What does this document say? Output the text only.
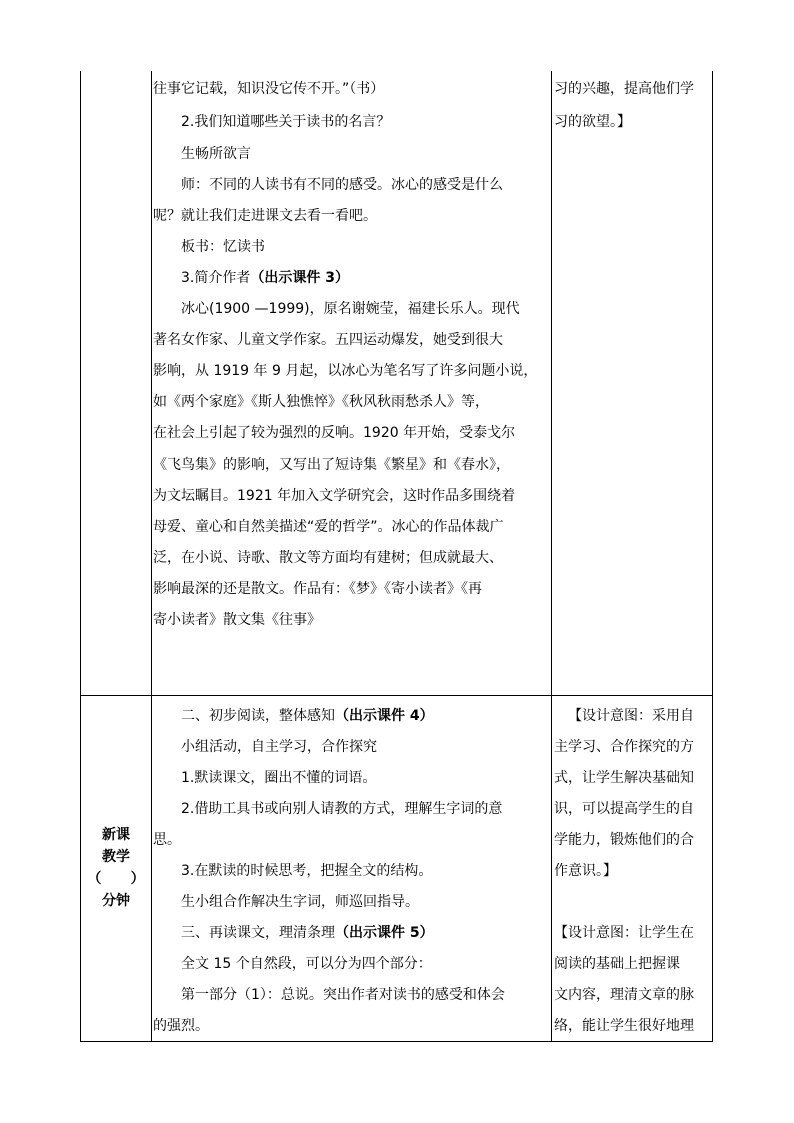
往事它记载，知识没它传不开。”（书）
2.我们知道哪些关于读书的名言？
生畅所欲言
师：不同的人读书有不同的感受。冰心的感受是什么
呢？就让我们走进课文去看一看吧。
板书：忆读书
3.简介作者（出示课件 3）
冰心(1900 —1999)，原名谢婉莹，福建长乐人。现代
著名女作家、儿童文学作家。五四运动爆发，她受到很大
影响，从 1919 年 9 月起，以冰心为笔名写了许多问题小说，
如《两个家庭》《斯人独憔悴》《秋风秋雨愁杀人》等，
在社会上引起了较为强烈的反响。1920 年开始，受泰戈尔
《飞鸟集》的影响，又写出了短诗集《繁星》和《春水》，
为文坛瞩目。1921 年加入文学研究会，这时作品多围绕着
母爱、童心和自然美描述“爱的哲学”。冰心的作品体裁广
泛，在小说、诗歌、散文等方面均有建树；但成就最大、
影响最深的还是散文。作品有：《梦》《寄小读者》《再
寄小读者》散文集《往事》
习的兴趣，提高他们学
习的欲望。】
新课
教学
（      ）
分钟
二、初步阅读，整体感知（出示课件 4）
小组活动，自主学习，合作探究
1.默读课文，圈出不懂的词语。
2.借助工具书或向别人请教的方式，理解生字词的意
思。
3.在默读的时候思考，把握全文的结构。
生小组合作解决生字词，师巡回指导。
三、再读课文，理清条理（出示课件 5）
全文 15 个自然段，可以分为四个部分：
第一部分（1）：总说。突出作者对读书的感受和体会
的强烈。
【设计意图：采用自
主学习、合作探究的方
式，让学生解决基础知
识，可以提高学生的自
学能力，锻炼他们的合
作意识。】
【设计意图：让学生在
阅读的基础上把握课
文内容，理清文章的脉
络，能让学生很好地理
